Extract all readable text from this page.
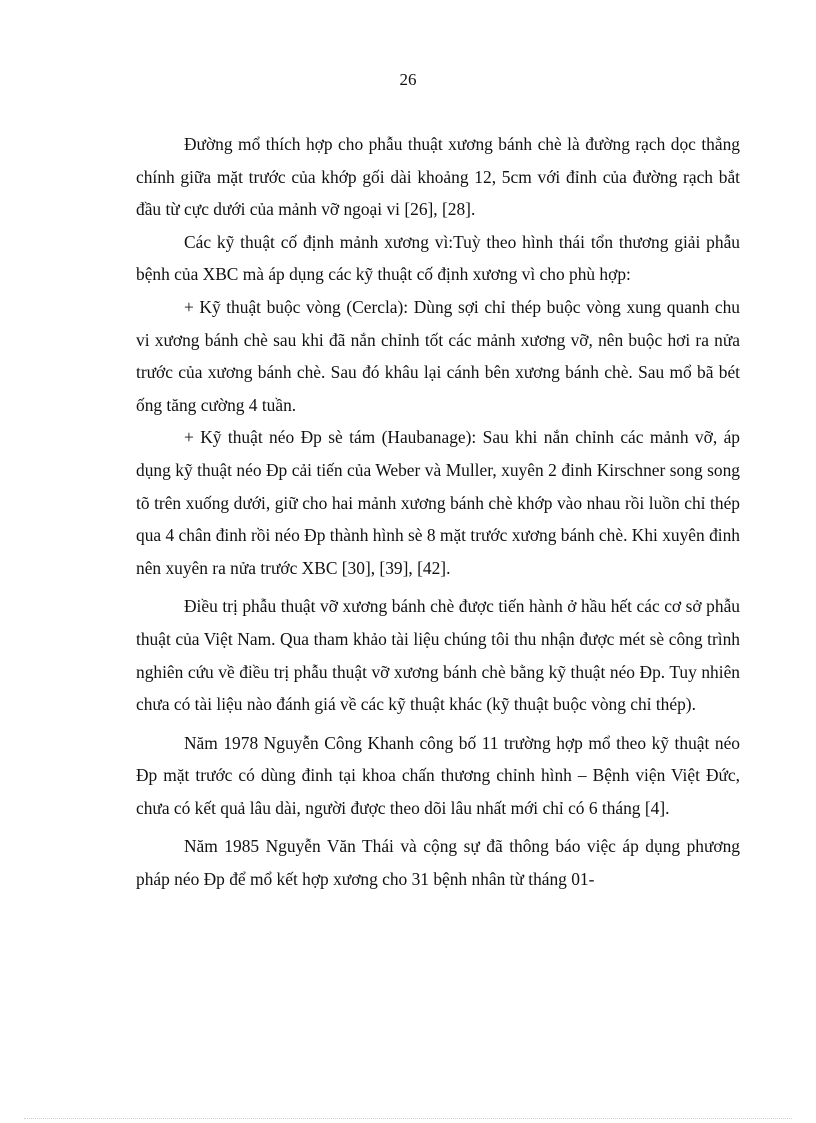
26

Đường mổ thích hợp cho phẫu thuật xương bánh chè là đường rạch dọc thẳng chính giữa mặt trước của khớp gối dài khoảng 12, 5cm với đỉnh của đường rạch bắt đầu từ cực dưới của mảnh vỡ ngoại vi [26], [28].

Các kỹ thuật cố định mảnh xương vì:Tuỳ theo hình thái tổn thương giải phẫu bệnh của XBC mà áp dụng các kỹ thuật cố định xương vì cho phù hợp:

+ Kỹ thuật buộc vòng (Cercla): Dùng sợi chỉ thép buộc vòng xung quanh chu vi xương bánh chè sau khi đã nắn chỉnh tốt các mảnh xương vỡ, nên buộc hơi ra nửa trước của xương bánh chè. Sau đó khâu lại cánh bên xương bánh chè. Sau mổ bã bét ống tăng cường 4 tuần.

+ Kỹ thuật néo Đp sè tám (Haubanage): Sau khi nắn chỉnh các mảnh vỡ, áp dụng kỹ thuật néo Đp cải tiến của Weber và Muller, xuyên 2 đinh Kirschner song song tõ trên xuống dưới, giữ cho hai mảnh xương bánh chè khớp vào nhau rồi luồn chỉ thép qua 4 chân đinh rồi néo Đp thành hình sè 8 mặt trước xương bánh chè. Khi xuyên đinh nên xuyên ra nửa trước XBC [30], [39], [42].

Điều trị phẫu thuật vỡ xương bánh chè được tiến hành ở hầu hết các cơ sở phẫu thuật của Việt Nam. Qua tham khảo tài liệu chúng tôi thu nhận được mét sè công trình nghiên cứu về điều trị phẫu thuật vỡ xương bánh chè bằng kỹ thuật néo Đp. Tuy nhiên chưa có tài liệu nào đánh giá về các kỹ thuật khác (kỹ thuật buộc vòng chỉ thép).

Năm 1978 Nguyễn Công Khanh công bố 11 trường hợp mổ theo kỹ thuật néo Đp mặt trước có dùng đinh tại khoa chấn thương chỉnh hình – Bệnh viện Việt Đức, chưa có kết quả lâu dài, người được theo dõi lâu nhất mới chỉ có 6 tháng [4].

Năm 1985 Nguyễn Văn Thái và cộng sự đã thông báo việc áp dụng phương pháp néo Đp để mổ kết hợp xương cho 31 bệnh nhân từ tháng 01-
